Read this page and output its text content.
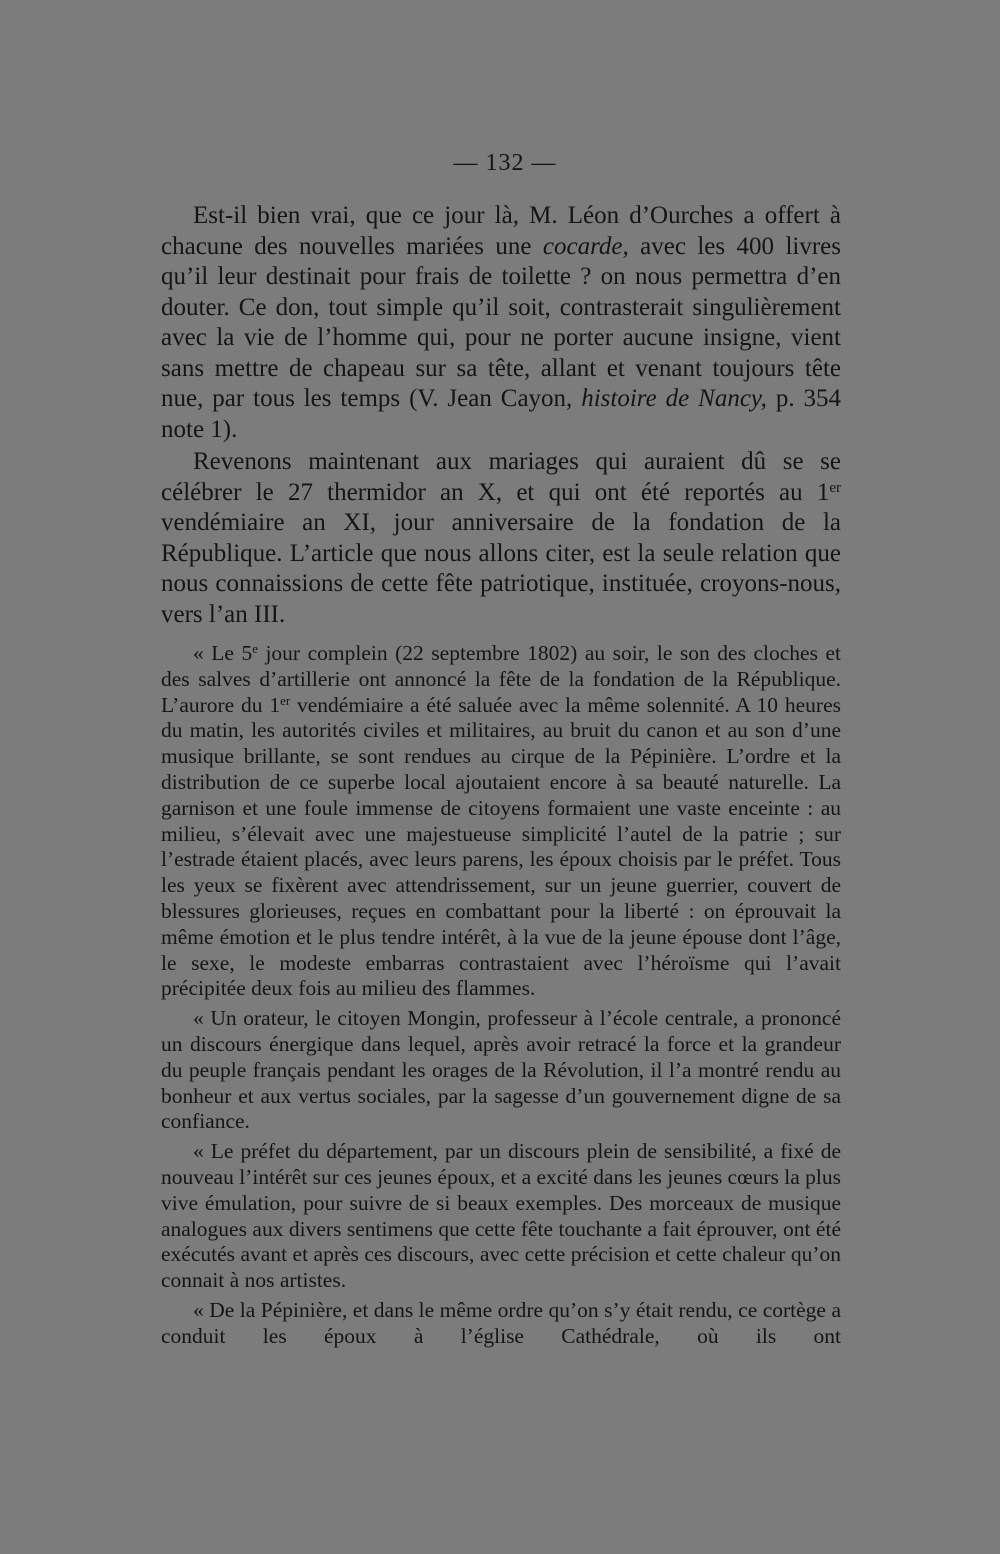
— 132 —

Est-il bien vrai, que ce jour là, M. Léon d’Ourches a offert à chacune des nouvelles mariées une cocarde, avec les 400 livres qu’il leur destinait pour frais de toilette ? on nous permettra d’en douter. Ce don, tout simple qu’il soit, contrasterait singulièrement avec la vie de l’homme qui, pour ne porter aucune insigne, vient sans mettre de chapeau sur sa tête, allant et venant toujours tête nue, par tous les temps (V. Jean Cayon, histoire de Nancy, p. 354 note 1).

Revenons maintenant aux mariages qui auraient dû se se célébrer le 27 thermidor an X, et qui ont été reportés au 1er vendémiaire an XI, jour anniversaire de la fondation de la République. L’article que nous allons citer, est la seule relation que nous connaissions de cette fête patriotique, instituée, croyons-nous, vers l’an III.

« Le 5e jour complein (22 septembre 1802) au soir, le son des cloches et des salves d’artillerie ont annoncé la fête de la fondation de la République. L’aurore du 1er vendémiaire a été saluée avec la même solennité. A 10 heures du matin, les autorités civiles et militaires, au bruit du canon et au son d’une musique brillante, se sont rendues au cirque de la Pépinière. L’ordre et la distribution de ce superbe local ajoutaient encore à sa beauté naturelle. La garnison et une foule immense de citoyens formaient une vaste enceinte : au milieu, s’élevait avec une majestueuse simplicité l’autel de la patrie ; sur l’estrade étaient placés, avec leurs parens, les époux choisis par le préfet. Tous les yeux se fixèrent avec attendrissement, sur un jeune guerrier, couvert de blessures glorieuses, reçues en combattant pour la liberté : on éprouvait la même émotion et le plus tendre intérêt, à la vue de la jeune épouse dont l’âge, le sexe, le modeste embarras contrastaient avec l’héroïsme qui l’avait précipitée deux fois au milieu des flammes.

« Un orateur, le citoyen Mongin, professeur à l’école centrale, a prononcé un discours énergique dans lequel, après avoir retracé la force et la grandeur du peuple français pendant les orages de la Révolution, il l’a montré rendu au bonheur et aux vertus sociales, par la sagesse d’un gouvernement digne de sa confiance.

« Le préfet du département, par un discours plein de sensibilité, a fixé de nouveau l’intérêt sur ces jeunes époux, et a excité dans les jeunes cœurs la plus vive émulation, pour suivre de si beaux exemples. Des morceaux de musique analogues aux divers sentimens que cette fête touchante a fait éprouver, ont été exécutés avant et après ces discours, avec cette précision et cette chaleur qu’on connait à nos artistes.

« De la Pépinière, et dans le même ordre qu’on s’y était rendu, ce cortège a conduit les époux à l’église Cathédrale, où ils ont
